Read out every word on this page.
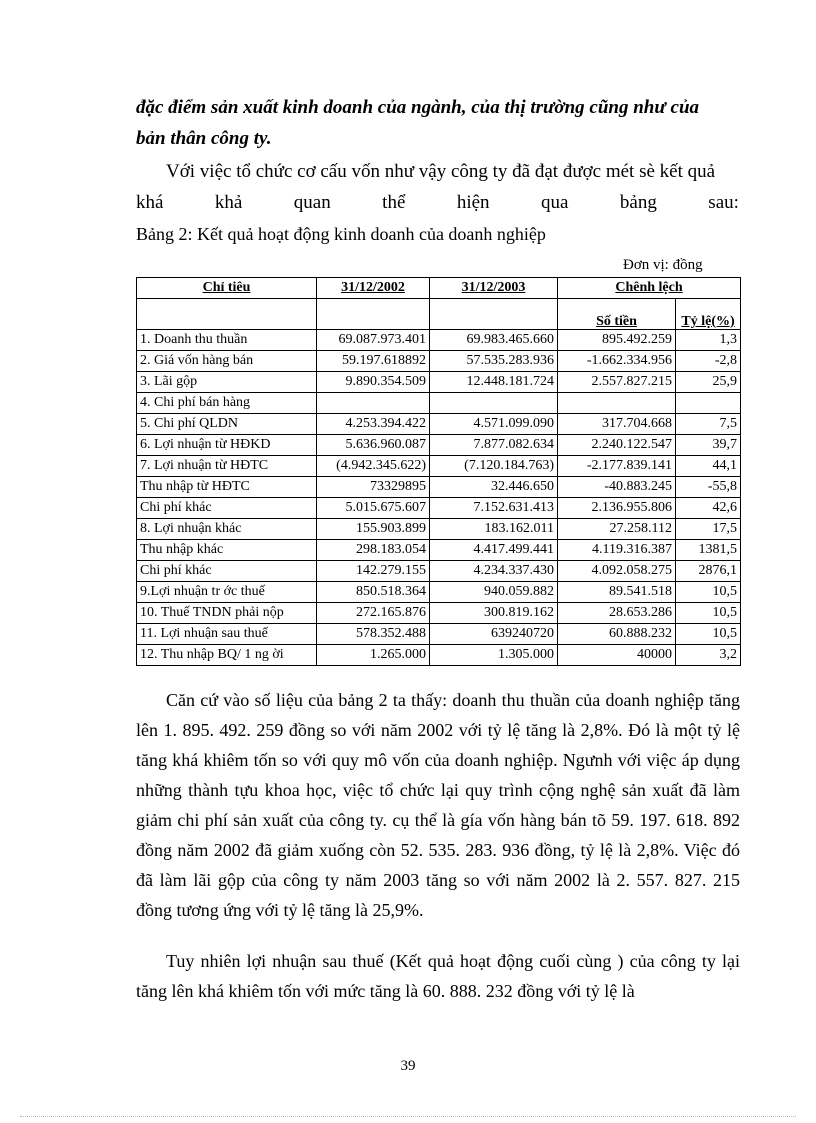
đặc điểm sản xuất kinh doanh của ngành, của thị trường cũng như của
bản thân công ty.
Với việc tổ chức cơ cấu vốn như vậy công ty đã đạt được mét sè kết quả
khá	khả	quan	thể	hiện	qua	bảng	sau:
Bảng 2: Kết quả hoạt động kinh doanh của doanh nghiệp
Đơn vị: đồng
Chỉ tiêu	31/12/2002	31/12/2003	Chênh lệch	
			Số tiền	Tỷ lệ(%)
1. Doanh thu thuần	69.087.973.401	69.983.465.660	895.492.259	1,3
2. Giá vốn hàng bán	59.197.618892	57.535.283.936	-1.662.334.956	-2,8
3. Lãi gộp	9.890.354.509	12.448.181.724	2.557.827.215	25,9
4. Chi phí bán hàng				
5. Chi phí QLDN	4.253.394.422	4.571.099.090	317.704.668	7,5
6. Lợi nhuận từ HĐKD	5.636.960.087	7.877.082.634	2.240.122.547	39,7
7. Lợi nhuận từ HĐTC	(4.942.345.622)	(7.120.184.763)	-2.177.839.141	44,1
Thu nhập từ HĐTC	73329895	32.446.650	-40.883.245	-55,8
Chi phí khác	5.015.675.607	7.152.631.413	2.136.955.806	42,6
8. Lợi nhuận khác	155.903.899	183.162.011	27.258.112	17,5
Thu nhập khác	298.183.054	4.417.499.441	4.119.316.387	1381,5
Chi phí khác	142.279.155	4.234.337.430	4.092.058.275	2876,1
9.Lợi nhuận tr ớc thuế	850.518.364	940.059.882	89.541.518	10,5
10. Thuế TNDN phải nộp	272.165.876	300.819.162	28.653.286	10,5
11. Lợi nhuận sau thuế	578.352.488	639240720	60.888.232	10,5
12. Thu nhập BQ/ 1 ng ời	1.265.000	1.305.000	40000	3,2
Căn cứ vào số liệu của bảng 2 ta thấy: doanh thu thuần của doanh nghiệp tăng lên 1. 895. 492. 259 đồng so với năm 2002 với tỷ lệ tăng là 2,8%. Đó là một tỷ lệ tăng khá khiêm tốn so với quy mô vốn của doanh nghiệp. Ngưnh với việc áp dụng những thành tựu khoa học, việc tổ chức lại quy trình cộng nghệ sản xuất đã làm giảm chi phí sản xuất của công ty. cụ thể là gía vốn hàng bán tõ 59. 197. 618. 892 đồng năm 2002 đã giảm xuống còn 52. 535. 283. 936 đồng, tỷ lệ là 2,8%. Việc đó đã làm lãi gộp của công ty năm 2003 tăng so với năm 2002 là 2. 557. 827. 215 đồng tương ứng với tỷ lệ tăng là 25,9%.
Tuy nhiên lợi nhuận sau thuế (Kết quả hoạt động cuối cùng ) của công ty lại tăng lên khá khiêm tốn với mức tăng là 60. 888. 232 đồng với tỷ lệ là
39
